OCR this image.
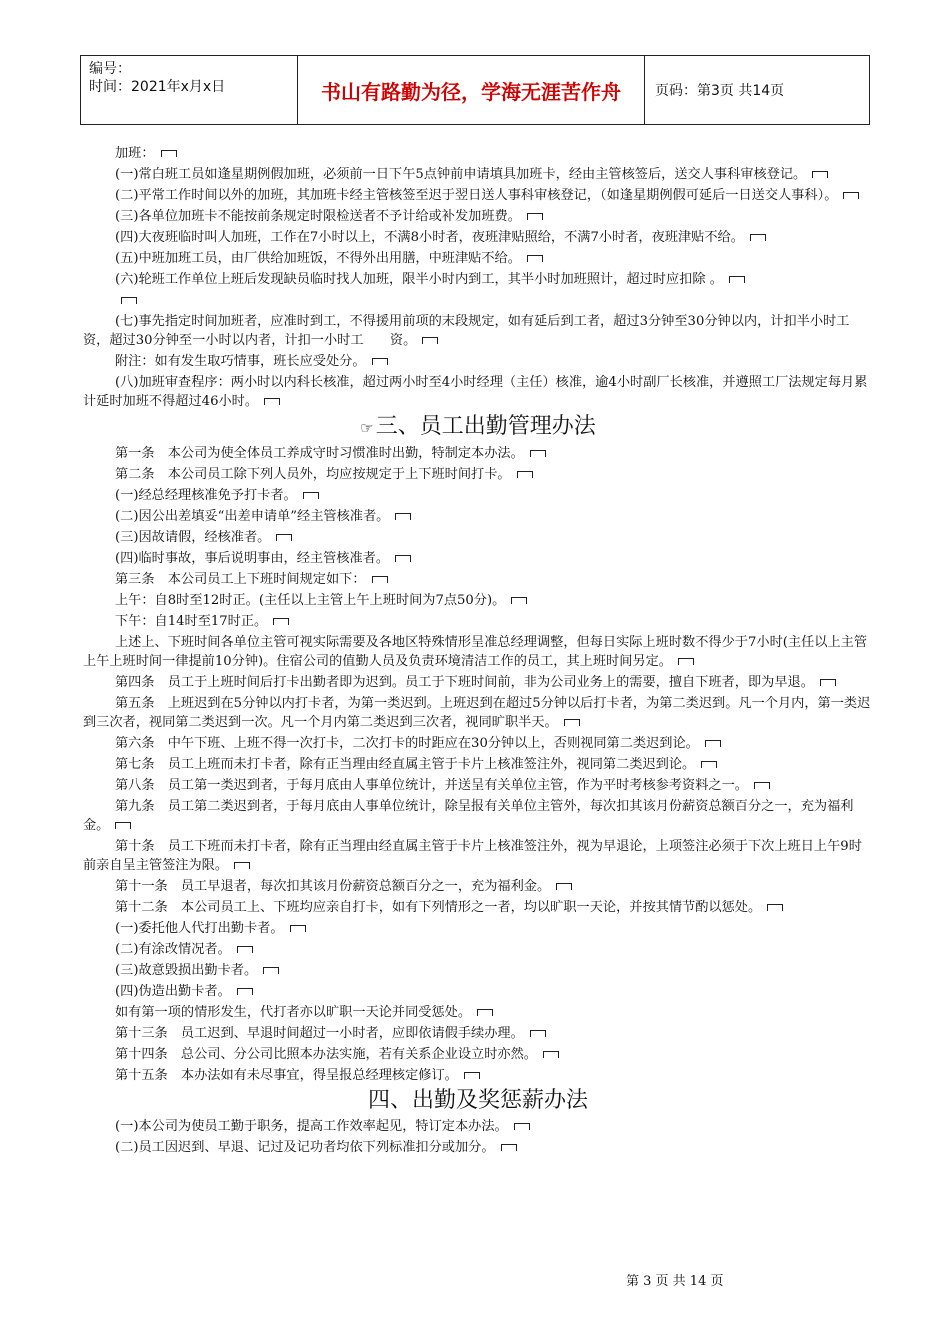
编号：
时间：2021年x月x日	书山有路勤为径，学海无涯苦作舟	页码：第3页 共14页

加班：

(一)常白班工员如逢星期例假加班，必须前一日下午5点钟前申请填具加班卡，经由主管核签后，送交人事科审核登记。

(二)平常工作时间以外的加班，其加班卡经主管核签至迟于翌日送人事科审核登记，（如逢星期例假可延后一日送交人事科）。

(三)各单位加班卡不能按前条规定时限检送者不予计给或补发加班费。

(四)大夜班临时叫人加班，工作在7小时以上，不满8小时者，夜班津贴照给，不满7小时者，夜班津贴不给。

(五)中班加班工员，由厂供给加班饭，不得外出用膳，中班津贴不给。

(六)轮班工作单位上班后发现缺员临时找人加班，限半小时内到工，其半小时加班照计，超过时应扣除 。

(七)事先指定时间加班者，应准时到工，不得援用前项的末段规定，如有延后到工者，超过3分钟至30分钟以内，计扣半小时工资，超过30分钟至一小时以内者，计扣一小时工　　资。

附注：如有发生取巧情事，班长应受处分。

(八)加班审查程序：两小时以内科长核准，超过两小时至4小时经理（主任）核准，逾4小时副厂长核准，并遵照工厂法规定每月累计延时加班不得超过46小时。

☞三、员工出勤管理办法

第一条　本公司为使全体员工养成守时习惯准时出勤，特制定本办法。

第二条　本公司员工除下列人员外，均应按规定于上下班时间打卡。

(一)经总经理核准免予打卡者。

(二)因公出差填妥“出差申请单”经主管核准者。

(三)因故请假，经核准者。

(四)临时事故，事后说明事由，经主管核准者。

第三条　本公司员工上下班时间规定如下：

上午：自8时至12时正。(主任以上主管上午上班时间为7点50分)。

下午：自14时至17时正。

上述上、下班时间各单位主管可视实际需要及各地区特殊情形呈准总经理调整，但每日实际上班时数不得少于7小时(主任以上主管上午上班时间一律提前10分钟)。住宿公司的值勤人员及负责环境清洁工作的员工，其上班时间另定。

第四条　员工于上班时间后打卡出勤者即为迟到。员工于下班时间前，非为公司业务上的需要，擅自下班者，即为早退。

第五条　上班迟到在5分钟以内打卡者，为第一类迟到。上班迟到在超过5分钟以后打卡者，为第二类迟到。凡一个月内，第一类迟到三次者，视同第二类迟到一次。凡一个月内第二类迟到三次者，视同旷职半天。

第六条　中午下班、上班不得一次打卡，二次打卡的时距应在30分钟以上，否则视同第二类迟到论。

第七条　员工上班而未打卡者，除有正当理由经直属主管于卡片上核准签注外，视同第二类迟到论。

第八条　员工第一类迟到者，于每月底由人事单位统计，并送呈有关单位主管，作为平时考核参考资料之一。

第九条　员工第二类迟到者，于每月底由人事单位统计，除呈报有关单位主管外，每次扣其该月份薪资总额百分之一，充为福利金。

第十条　员工下班而未打卡者，除有正当理由经直属主管于卡片上核准签注外，视为早退论，上项签注必须于下次上班日上午9时前亲自呈主管签注为限。

第十一条　员工早退者，每次扣其该月份薪资总额百分之一，充为福利金。

第十二条　本公司员工上、下班均应亲自打卡，如有下列情形之一者，均以旷职一天论，并按其情节酌以惩处。

(一)委托他人代打出勤卡者。

(二)有涂改情况者。

(三)故意毁损出勤卡者。

(四)伪造出勤卡者。

如有第一项的情形发生，代打者亦以旷职一天论并同受惩处。

第十三条　员工迟到、早退时间超过一小时者，应即依请假手续办理。

第十四条　总公司、分公司比照本办法实施，若有关系企业设立时亦然。

第十五条　本办法如有未尽事宜，得呈报总经理核定修订。

四、出勤及奖惩薪办法

(一)本公司为使员工勤于职务，提高工作效率起见，特订定本办法。

(二)员工因迟到、早退、记过及记功者均依下列标准扣分或加分。

第 3 页 共 14 页
